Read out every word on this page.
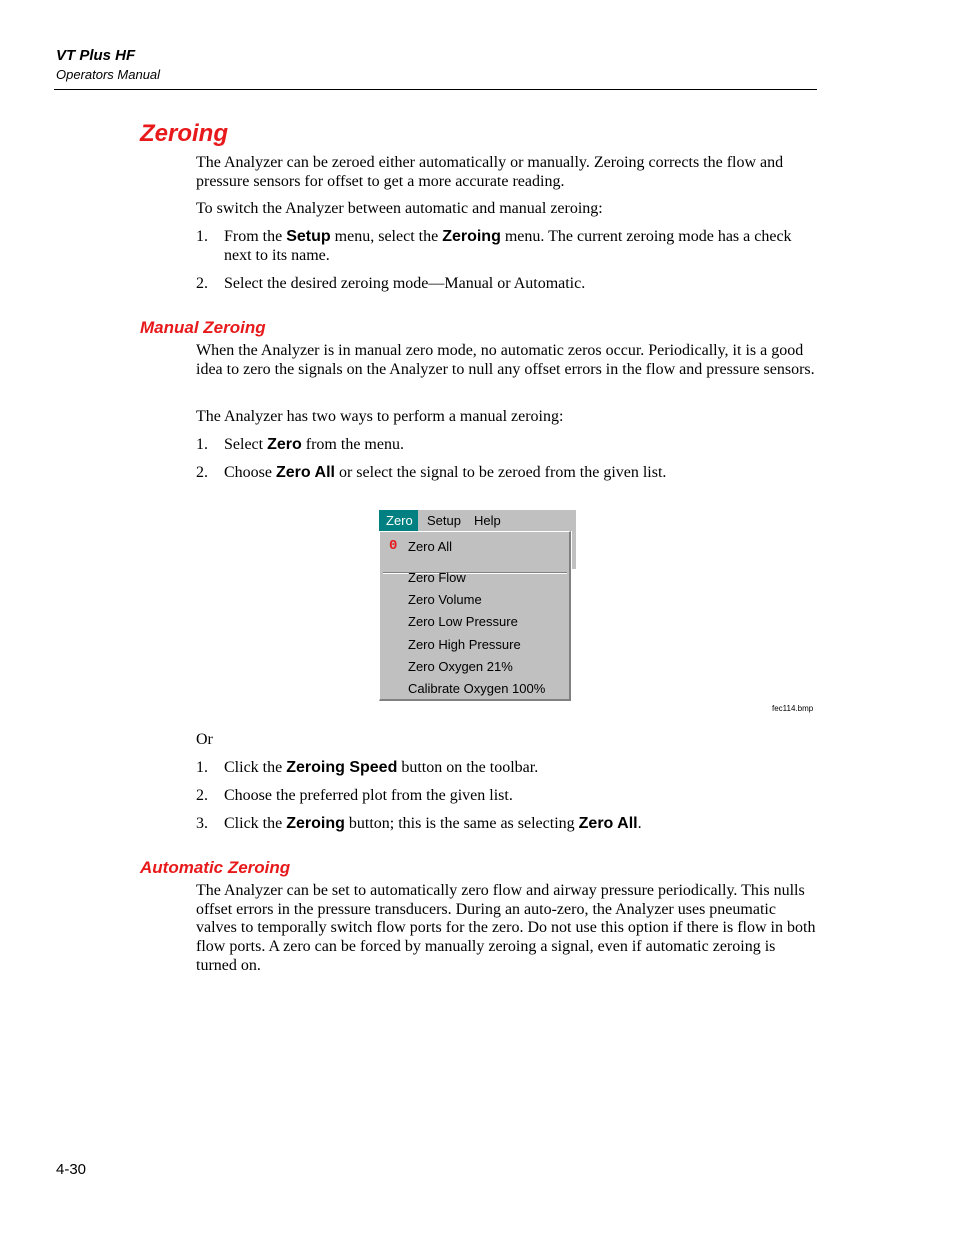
VT Plus HF
Operators Manual
Zeroing
The Analyzer can be zeroed either automatically or manually. Zeroing corrects the flow and pressure sensors for offset to get a more accurate reading.
To switch the Analyzer between automatic and manual zeroing:
1. From the Setup menu, select the Zeroing menu. The current zeroing mode has a check next to its name.
2. Select the desired zeroing mode—Manual or Automatic.
Manual Zeroing
When the Analyzer is in manual zero mode, no automatic zeros occur. Periodically, it is a good idea to zero the signals on the Analyzer to null any offset errors in the flow and pressure sensors.
The Analyzer has two ways to perform a manual zeroing:
1. Select Zero from the menu.
2. Choose Zero All or select the signal to be zeroed from the given list.
Zero Setup Help
0 Zero All
Zero Flow
Zero Volume
Zero Low Pressure
Zero High Pressure
Zero Oxygen 21%
Calibrate Oxygen 100%
fec114.bmp
Or
1. Click the Zeroing Speed button on the toolbar.
2. Choose the preferred plot from the given list.
3. Click the Zeroing button; this is the same as selecting Zero All.
Automatic Zeroing
The Analyzer can be set to automatically zero flow and airway pressure periodically. This nulls offset errors in the pressure transducers. During an auto-zero, the Analyzer uses pneumatic valves to temporally switch flow ports for the zero. Do not use this option if there is flow in both flow ports. A zero can be forced by manually zeroing a signal, even if automatic zeroing is turned on.
4-30
